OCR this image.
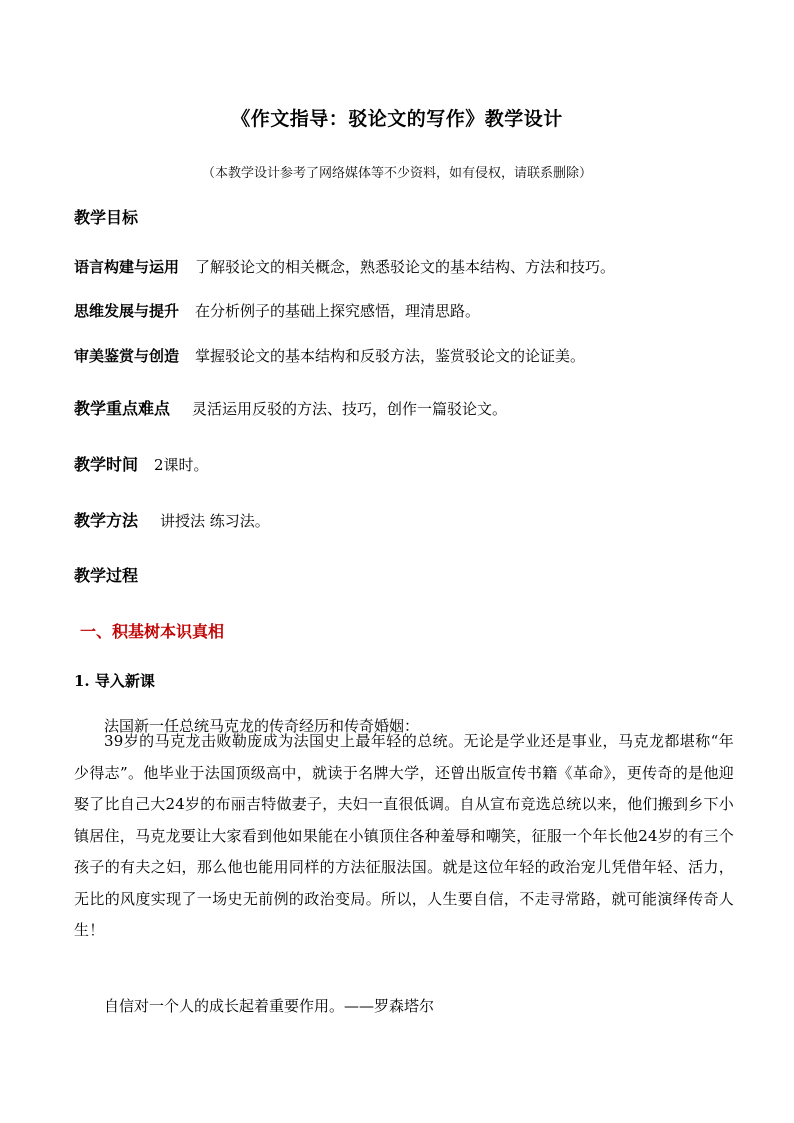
《作文指导：驳论文的写作》教学设计
（本教学设计参考了网络媒体等不少资料，如有侵权，请联系删除）
教学目标
语言构建与运用 了解驳论文的相关概念，熟悉驳论文的基本结构、方法和技巧。
思维发展与提升 在分析例子的基础上探究感悟，理清思路。
审美鉴赏与创造 掌握驳论文的基本结构和反驳方法，鉴赏驳论文的论证美。
教学重点难点 灵活运用反驳的方法、技巧，创作一篇驳论文。
教学时间 2课时。
教学方法 讲授法 练习法。
教学过程
一、积基树本识真相
1. 导入新课
法国新一任总统马克龙的传奇经历和传奇婚姻：
39岁的马克龙击败勒庞成为法国史上最年轻的总统。无论是学业还是事业，马克龙都堪称“年少得志”。他毕业于法国顶级高中，就读于名牌大学，还曾出版宣传书籍《革命》，更传奇的是他迎娶了比自己大24岁的布丽吉特做妻子，夫妇一直很低调。自从宣布竞选总统以来，他们搬到乡下小镇居住，马克龙要让大家看到他如果能在小镇顶住各种羞辱和嘲笑，征服一个年长他24岁的有三个孩子的有夫之妇，那么他也能用同样的方法征服法国。就是这位年轻的政治宠儿凭借年轻、活力，无比的风度实现了一场史无前例的政治变局。所以，人生要自信，不走寻常路，就可能演绎传奇人生！
自信对一个人的成长起着重要作用。——罗森塔尔
